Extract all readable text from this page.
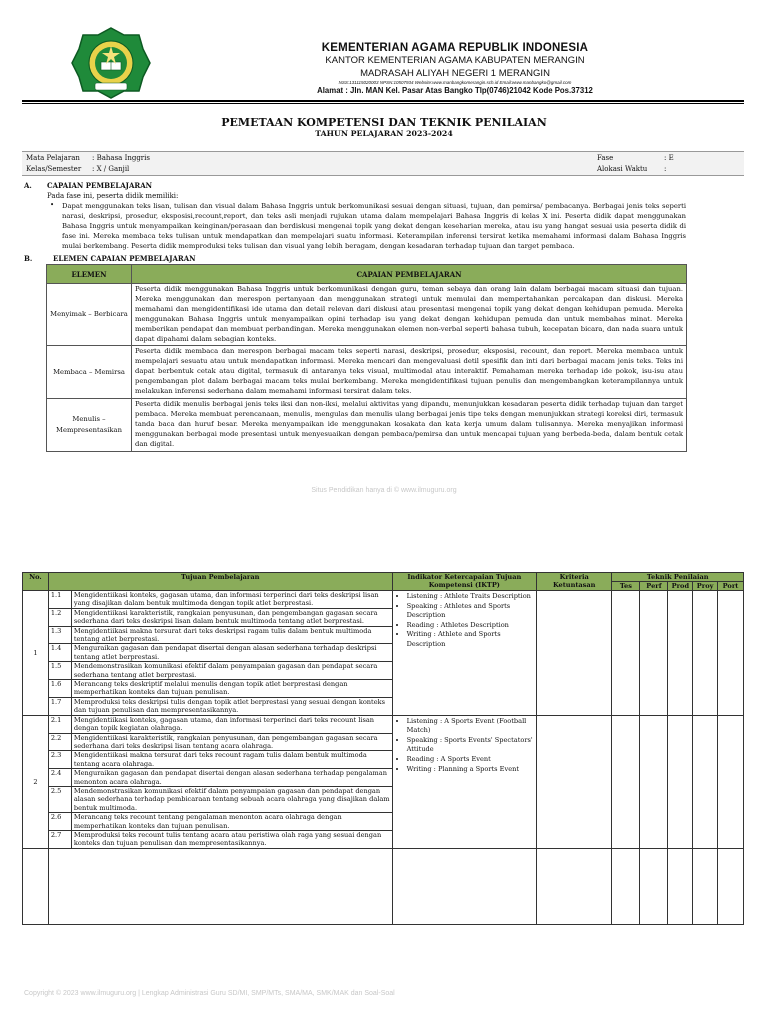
KEMENTERIAN AGAMA REPUBLIK INDONESIA
KANTOR KEMENTERIAN AGAMA KABUPATEN MERANGIN
MADRASAH ALIYAH NEGERI 1 MERANGIN
NSS:131115020003 NPSN:10507934 Website:www.manbangkomerangin.sch.id Email:www.manbangko@gmail.com
Alamat : Jln. MAN Kel. Pasar Atas Bangko Tlp(0746)21042 Kode Pos.37312
PEMETAAN KOMPETENSI DAN TEKNIK PENILAIAN
TAHUN PELAJARAN 2023-2024
Mata Pelajaran : Bahasa Inggris
Kelas/Semester : X / Ganjil
Fase	: E
Alokasi Waktu :
A. CAPAIAN PEMBELAJARAN
Pada fase ini, peserta didik memiliki:
• Dapat menggunakan teks lisan, tulisan dan visual dalam Bahasa Inggris untuk berkomunikasi sesuai dengan situasi, tujuan, dan pemirsa/ pembacanya. Berbagai jenis teks seperti narasi, deskripsi, prosedur, eksposisi,recount,report, dan teks asli menjadi rujukan utama dalam mempelajari Bahasa Inggris di kelas X ini. Peserta didik dapat menggunakan Bahasa Inggris untuk menyampaikan keinginan/perasaan dan berdiskusi mengenai topik yang dekat dengan keseharian mereka, atau isu yang hangat sesuai usia peserta didik di fase ini. Mereka membaca teks tulisan untuk mendapatkan dan mempelajari suatu informasi. Keterampilan inferensi tersirat ketika memahami informasi dalam Bahasa Inggris mulai berkembang. Peserta didik memproduksi teks tulisan dan visual yang lebih beragam, dengan kesadaran terhadap tujuan dan target pembaca.
B.	ELEMEN CAPAIAN PEMBELAJARAN
ELEMEN	CAPAIAN PEMBELAJARAN
Menyimak – Berbicara	Peserta didik menggunakan Bahasa Inggris untuk berkomunikasi dengan guru, teman sebaya dan orang lain dalam berbagai macam situasi dan tujuan. Mereka menggunakan dan merespon pertanyaan dan menggunakan strategi untuk memulai dan mempertahankan percakapan dan diskusi. Mereka memahami dan mengidentifikasi ide utama dan detail relevan dari diskusi atau presentasi mengenai topik yang dekat dengan kehidupan pemuda. Mereka menggunakan Bahasa Inggris untuk menyampaikan opini terhadap isu yang dekat dengan kehidupan pemuda dan untuk membahas minat. Mereka memberikan pendapat dan membuat perbandingan. Mereka menggunakan elemen non-verbal seperti bahasa tubuh, kecepatan bicara, dan nada suara untuk dapat dipahami dalam sebagian konteks.
Membaca – Memirsa	Peserta didik membaca dan merespon berbagai macam teks seperti narasi, deskripsi, prosedur, eksposisi, recount, dan report. Mereka membaca untuk mempelajari sesuatu atau untuk mendapatkan informasi. Mereka mencari dan mengevaluasi detil spesifik dan inti dari berbagai macam jenis teks. Teks ini dapat berbentuk cetak atau digital, termasuk di antaranya teks visual, multimodal atau interaktif. Pemahaman mereka terhadap ide pokok, isu-isu atau pengembangan plot dalam berbagai macam teks mulai berkembang. Mereka mengidentifikasi tujuan penulis dan mengembangkan keterampilannya untuk melakukan inferensi sederhana dalam memahami informasi tersirat dalam teks.
Menulis – Mempresentasikan	Peserta didik menulis berbagai jenis teks iksi dan non-iksi, melalui aktivitas yang dipandu, menunjukkan kesadaran peserta didik terhadap tujuan dan target pembaca. Mereka membuat perencanaan, menulis, mengulas dan menulis ulang berbagai jenis tipe teks dengan menunjukkan strategi koreksi diri, termasuk tanda baca dan huruf besar. Mereka menyampaikan ide menggunakan kosakata dan kata kerja umum dalam tulisannya. Mereka menyajikan informasi menggunakan berbagai mode presentasi untuk menyesuaikan dengan pembaca/pemirsa dan untuk mencapai tujuan yang berbeda-beda, dalam bentuk cetak dan digital.
Situs Pendidikan hanya di © www.ilmuguru.org
No.	Tujuan Pembelajaran	Indikator Ketercapaian Tujuan Kompetensi (IKTP)	Kriteria Ketuntasan	Teknik Penilaian
Tes	Perf	Prod	Proy	Port
1	
1.1	Mengidentiikasi konteks, gagasan utama, dan informasi terperinci dari teks deskripsi lisan yang disajikan dalam bentuk multimoda dengan topik atlet berprestasi.
1.2	Mengidentiikasi karakteristik, rangkaian penyusunan, dan pengembangan gagasan secara sederhana dari teks deskripsi lisan dalam bentuk multimoda tentang atlet berprestasi.
1.3	Mengidentiikasi makna tersurat dari teks deskripsi ragam tulis dalam bentuk multimoda tentang atlet berprestasi.
1.4	Menguraikan gagasan dan pendapat disertai dengan alasan sederhana terhadap deskripsi tentang atlet berprestasi.
1.5	Mendemonstrasikan komunikasi efektif dalam penyampaian gagasan dan pendapat secara sederhana tentang atlet berprestasi.
1.6	Merancang teks deskriptif melalui menulis dengan topik atlet berprestasi dengan memperhatikan konteks dan tujuan penulisan.
1.7	Memproduksi teks deskripsi tulis dengan topik atlet berprestasi yang sesuai dengan konteks dan tujuan penulisan dan mempresentasikannya.

• Listening : Athlete Traits Description
• Speaking : Athletes and Sports Description
• Reading : Athletes Description
• Writing : Athlete and Sports Description

2	
2.1	Mengidentiikasi konteks, gagasan utama, dan informasi terperinci dari teks recount lisan dengan topik kegiatan olahraga.
2.2	Mengidentiikasi karakteristik, rangkaian penyusunan, dan pengembangan gagasan secara sederhana dari teks deskripsi lisan tentang acara olahraga.
2.3	Mengidentiikasi makna tersurat dari teks recount ragam tulis dalam bentuk multimoda tentang acara olahraga.
2.4	Menguraikan gagasan dan pendapat disertai dengan alasan sederhana terhadap pengalaman menonton acara olahraga.
2.5	Mendemonstrasikan komunikasi efektif dalam penyampaian gagasan dan pendapat dengan alasan sederhana terhadap pembicaraan tentang sebuah acara olahraga yang disajikan dalam bentuk multimoda.
2.6	Merancang teks recount tentang pengalaman menonton acara olahraga dengan memperhatikan konteks dan tujuan penulisan.
2.7	Memproduksi teks recount tulis tentang acara atau peristiwa olah raga yang sesuai dengan konteks dan tujuan penulisan dan mempresentasikannya.

• Listening : A Sports Event (Football Match)
• Speaking : Sports Events' Spectators' Attitude
• Reading : A Sports Event
• Writing : Planning a Sports Event

Copyright © 2023 www.ilmuguru.org | Lengkap Administrasi Guru SD/MI, SMP/MTs, SMA/MA, SMK/MAK dan Soal-Soal
